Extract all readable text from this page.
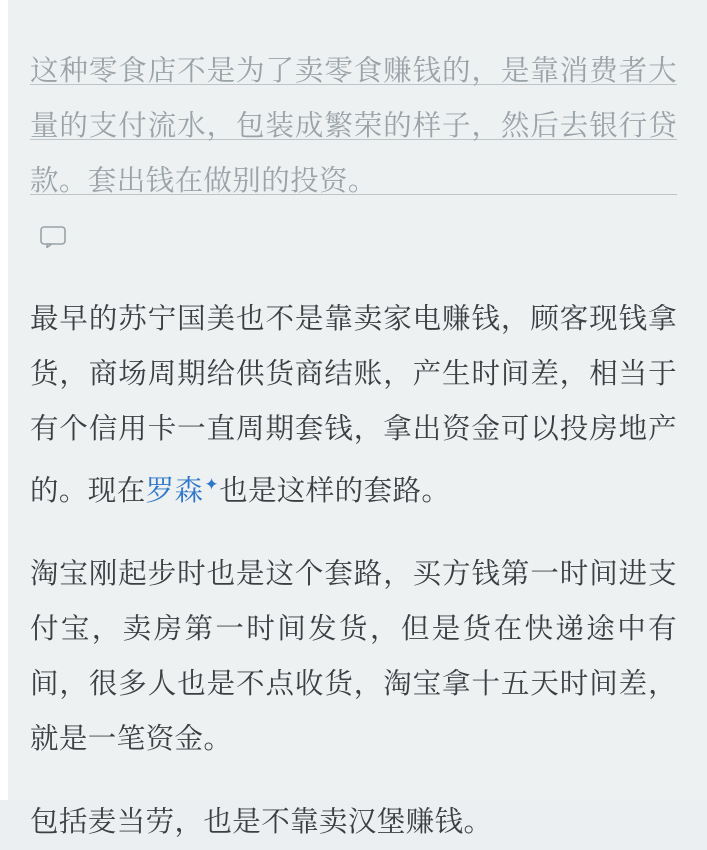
这种零食店不是为了卖零食赚钱的，是靠消费者大量的支付流水，包装成繁荣的样子，然后去银行贷款。套出钱在做别的投资。

最早的苏宁国美也不是靠卖家电赚钱，顾客现钱拿货，商场周期给供货商结账，产生时间差，相当于有个信用卡一直周期套钱，拿出资金可以投房地产的。现在罗森✦也是这样的套路。

淘宝刚起步时也是这个套路，买方钱第一时间进支付宝，卖房第一时间发货，但是货在快递途中有间，很多人也是不点收货，淘宝拿十五天时间差，就是一笔资金。

包括麦当劳，也是不靠卖汉堡赚钱。
